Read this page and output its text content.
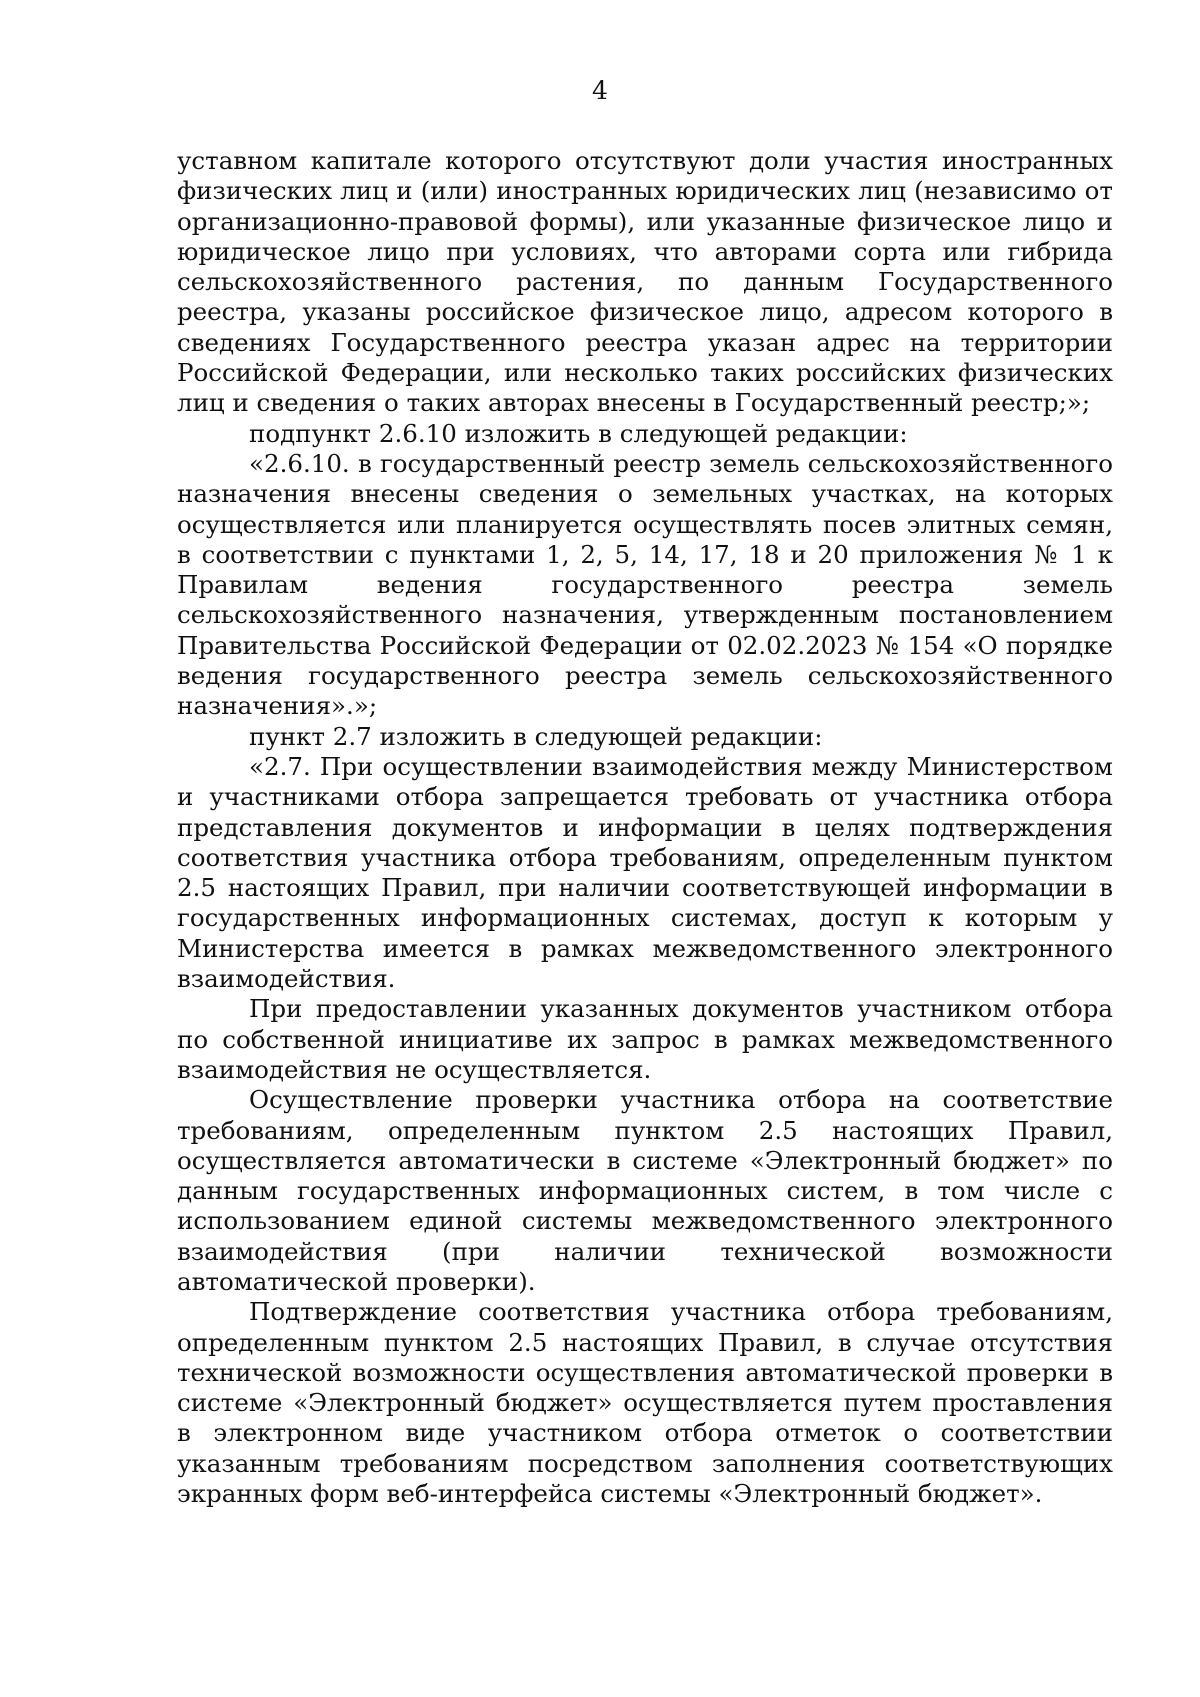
4

уставном капитале которого отсутствуют доли участия иностранных физических лиц и (или) иностранных юридических лиц (независимо от организационно-правовой формы), или указанные физическое лицо и юридическое лицо при условиях, что авторами сорта или гибрида сельскохозяйственного растения, по данным Государственного реестра, указаны российское физическое лицо, адресом которого в сведениях Государственного реестра указан адрес на территории Российской Федерации, или несколько таких российских физических лиц и сведения о таких авторах внесены в Государственный реестр;»;

подпункт 2.6.10 изложить в следующей редакции:

«2.6.10. в государственный реестр земель сельскохозяйственного назначения внесены сведения о земельных участках, на которых осуществляется или планируется осуществлять посев элитных семян, в соответствии с пунктами 1, 2, 5, 14, 17, 18 и 20 приложения № 1 к Правилам ведения государственного реестра земель сельскохозяйственного назначения, утвержденным постановлением Правительства Российской Федерации от 02.02.2023 № 154 «О порядке ведения государственного реестра земель сельскохозяйственного назначения».»;

пункт 2.7 изложить в следующей редакции:

«2.7. При осуществлении взаимодействия между Министерством и участниками отбора запрещается требовать от участника отбора представления документов и информации в целях подтверждения соответствия участника отбора требованиям, определенным пунктом 2.5 настоящих Правил, при наличии соответствующей информации в государственных информационных системах, доступ к которым у Министерства имеется в рамках межведомственного электронного взаимодействия.

При предоставлении указанных документов участником отбора по собственной инициативе их запрос в рамках межведомственного взаимодействия не осуществляется.

Осуществление проверки участника отбора на соответствие требованиям, определенным пунктом 2.5 настоящих Правил, осуществляется автоматически в системе «Электронный бюджет» по данным государственных информационных систем, в том числе с использованием единой системы межведомственного электронного взаимодействия (при наличии технической возможности автоматической проверки).

Подтверждение соответствия участника отбора требованиям, определенным пунктом 2.5 настоящих Правил, в случае отсутствия технической возможности осуществления автоматической проверки в системе «Электронный бюджет» осуществляется путем проставления в электронном виде участником отбора отметок о соответствии указанным требованиям посредством заполнения соответствующих экранных форм веб-интерфейса системы «Электронный бюджет».
